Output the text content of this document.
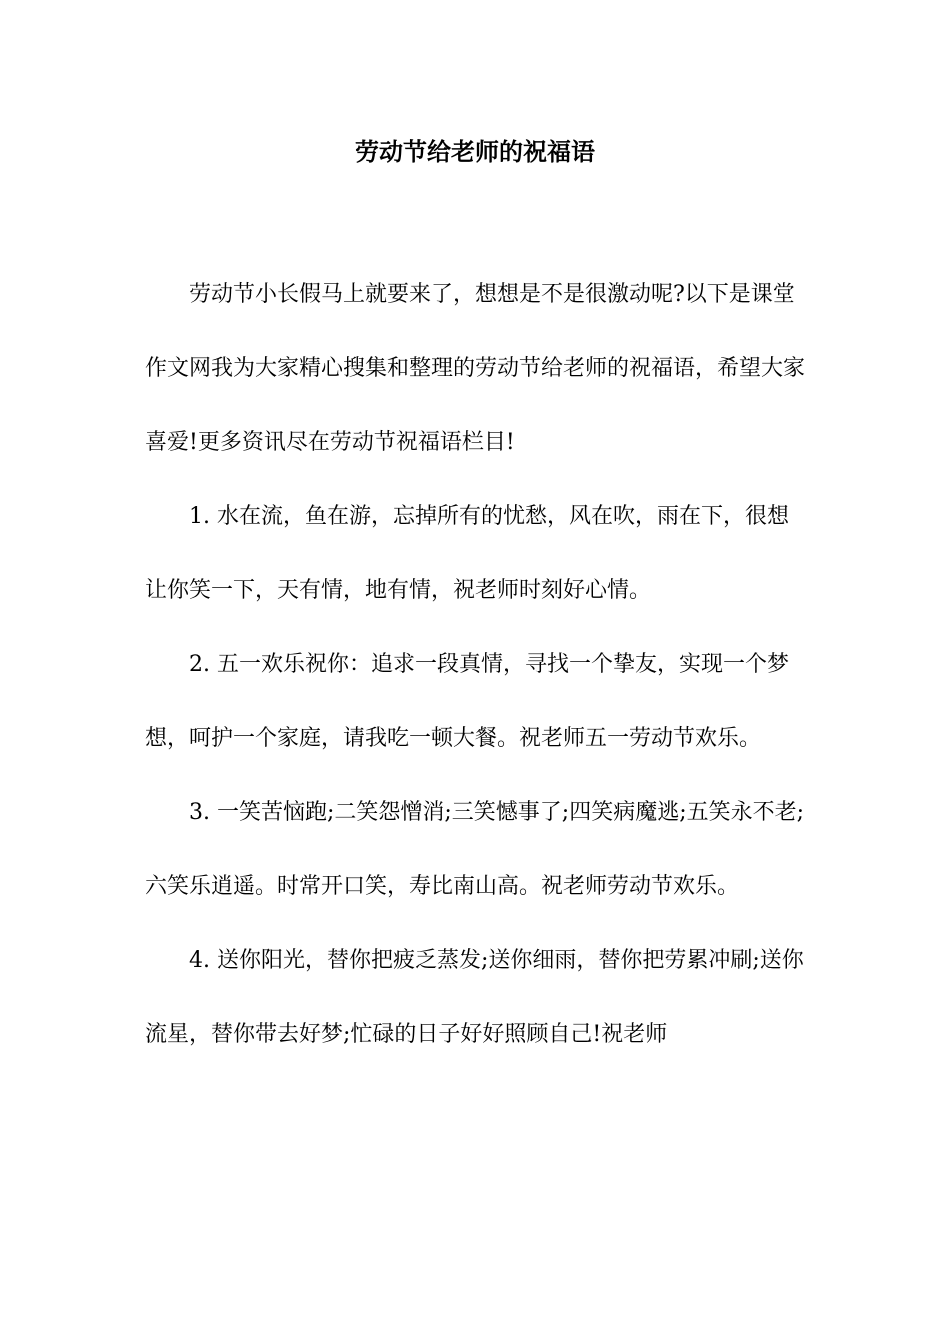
劳动节给老师的祝福语

劳动节小长假马上就要来了，想想是不是很激动呢?以下是课堂作文网我为大家精心搜集和整理的劳动节给老师的祝福语，希望大家喜爱!更多资讯尽在劳动节祝福语栏目!

1. 水在流，鱼在游，忘掉所有的忧愁，风在吹，雨在下，很想让你笑一下，天有情，地有情，祝老师时刻好心情。

2. 五一欢乐祝你：追求一段真情，寻找一个挚友，实现一个梦想，呵护一个家庭，请我吃一顿大餐。祝老师五一劳动节欢乐。

3. 一笑苦恼跑;二笑怨憎消;三笑憾事了;四笑病魔逃;五笑永不老;六笑乐逍遥。时常开口笑，寿比南山高。祝老师劳动节欢乐。

4. 送你阳光，替你把疲乏蒸发;送你细雨，替你把劳累冲刷;送你流星，替你带去好梦;忙碌的日子好好照顾自己!祝老师
